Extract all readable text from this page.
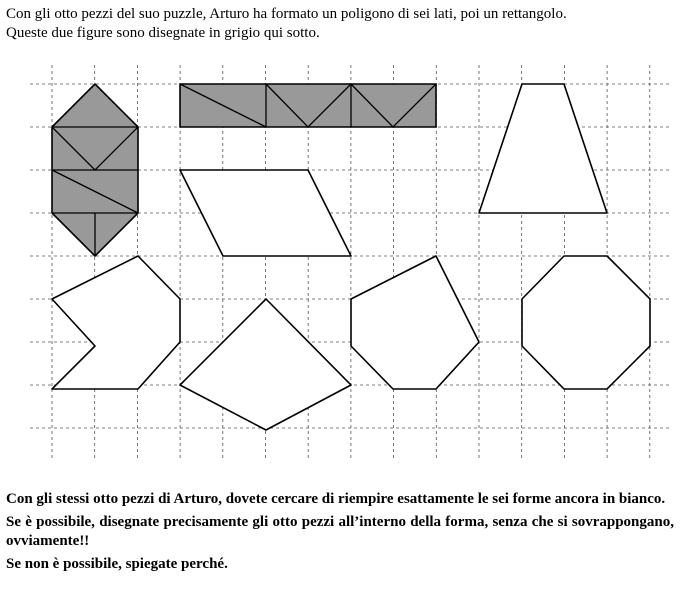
Con gli otto pezzi del suo puzzle, Arturo ha formato un poligono di sei lati, poi un rettangolo.

Queste due figure sono disegnate in grigio qui sotto.

Con gli stessi otto pezzi di Arturo, dovete cercare di riempire esattamente le sei forme ancora in bianco.

Se è possibile, disegnate precisamente gli otto pezzi all’interno della forma, senza che si sovrappongano, ovviamente!!

Se non è possibile, spiegate perché.
